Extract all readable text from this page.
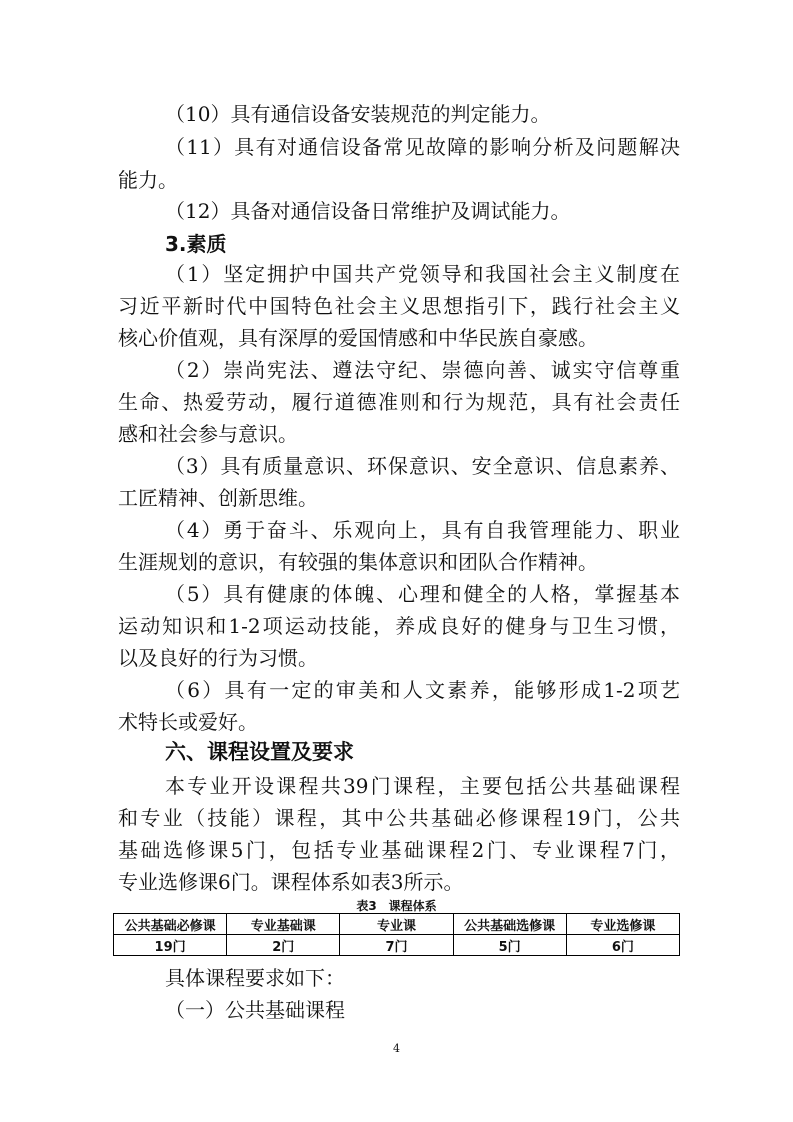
（10）具有通信设备安装规范的判定能力。
（11）具有对通信设备常见故障的影响分析及问题解决
能力。
（12）具备对通信设备日常维护及调试能力。
3.素质
（1）坚定拥护中国共产党领导和我国社会主义制度在
习近平新时代中国特色社会主义思想指引下，践行社会主义
核心价值观，具有深厚的爱国情感和中华民族自豪感。
（2）崇尚宪法、遵法守纪、崇德向善、诚实守信尊重
生命、热爱劳动，履行道德准则和行为规范，具有社会责任
感和社会参与意识。
（3）具有质量意识、环保意识、安全意识、信息素养、
工匠精神、创新思维。
（4）勇于奋斗、乐观向上，具有自我管理能力、职业
生涯规划的意识，有较强的集体意识和团队合作精神。
（5）具有健康的体魄、心理和健全的人格，掌握基本
运动知识和1-2项运动技能，养成良好的健身与卫生习惯，
以及良好的行为习惯。
（6）具有一定的审美和人文素养，能够形成1-2项艺
术特长或爱好。
六、课程设置及要求
本专业开设课程共39门课程，主要包括公共基础课程
和专业（技能）课程，其中公共基础必修课程19门，公共
基础选修课5门，包括专业基础课程2门、专业课程7门，
专业选修课6门。课程体系如表3所示。
表3　课程体系
公共基础必修课	专业基础课	专业课	公共基础选修课	专业选修课
19门	2门	7门	5门	6门
具体课程要求如下：
（一）公共基础课程
4
